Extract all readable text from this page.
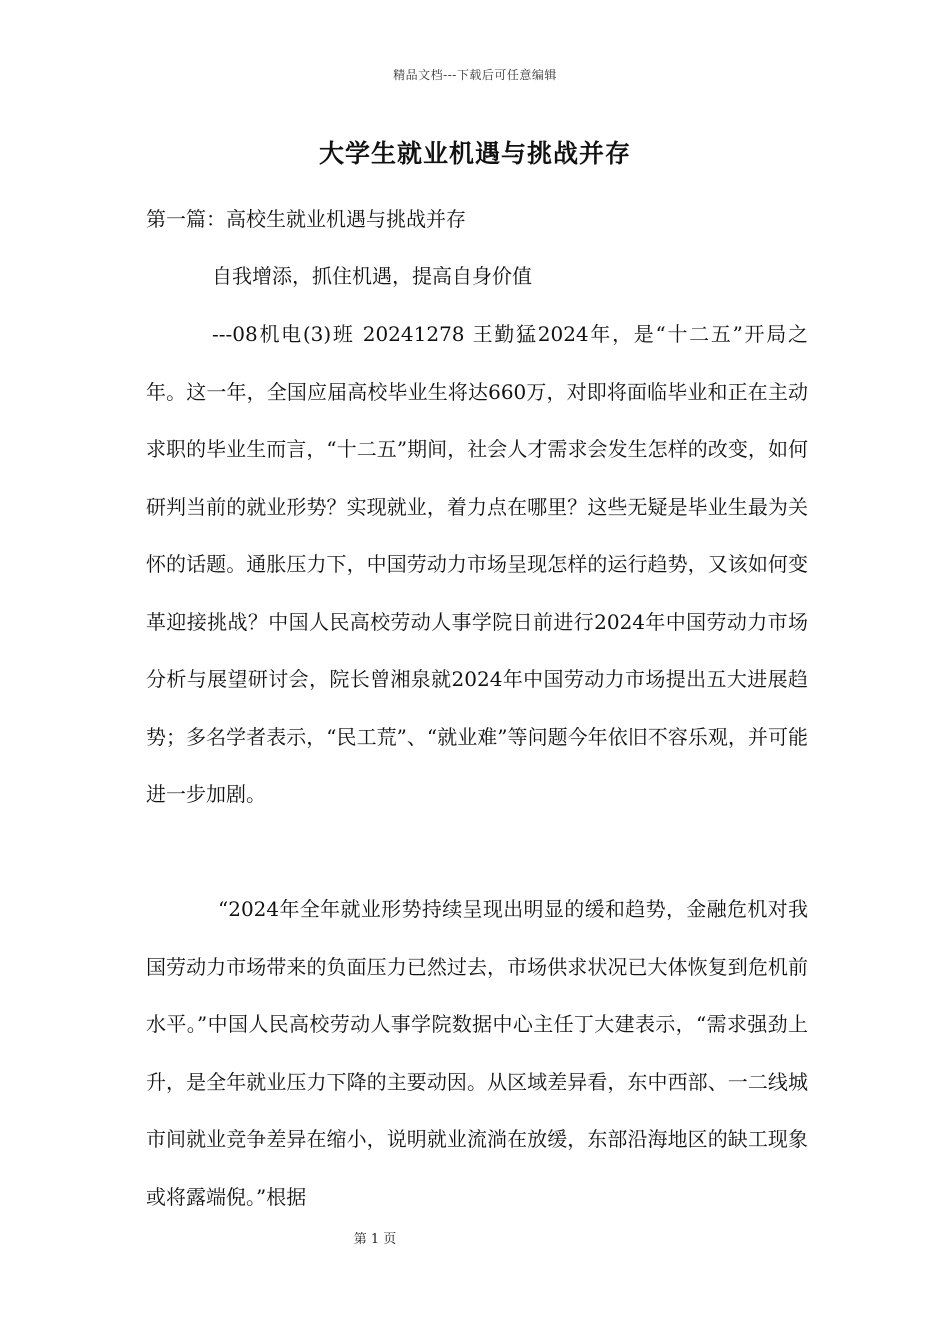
精品文档---下载后可任意编辑
大学生就业机遇与挑战并存

第一篇：高校生就业机遇与挑战并存

自我增添，抓住机遇，提高自身价值

---08机电(3)班 20241278 王勤猛2024年，是“十二五”开局之年。这一年，全国应届高校毕业生将达660万，对即将面临毕业和正在主动求职的毕业生而言，“十二五”期间，社会人才需求会发生怎样的改变，如何研判当前的就业形势？实现就业，着力点在哪里？这些无疑是毕业生最为关怀的话题。通胀压力下，中国劳动力市场呈现怎样的运行趋势，又该如何变革迎接挑战？中国人民高校劳动人事学院日前进行2024年中国劳动力市场分析与展望研讨会，院长曾湘泉就2024年中国劳动力市场提出五大进展趋势；多名学者表示，“民工荒”、“就业难”等问题今年依旧不容乐观，并可能进一步加剧。

“2024年全年就业形势持续呈现出明显的缓和趋势，金融危机对我国劳动力市场带来的负面压力已然过去，市场供求状况已大体恢复到危机前水平。”中国人民高校劳动人事学院数据中心主任丁大建表示，“需求强劲上升，是全年就业压力下降的主要动因。从区域差异看，东中西部、一二线城市间就业竞争差异在缩小，说明就业流淌在放缓，东部沿海地区的缺工现象或将露端倪。”根据

第 1 页
